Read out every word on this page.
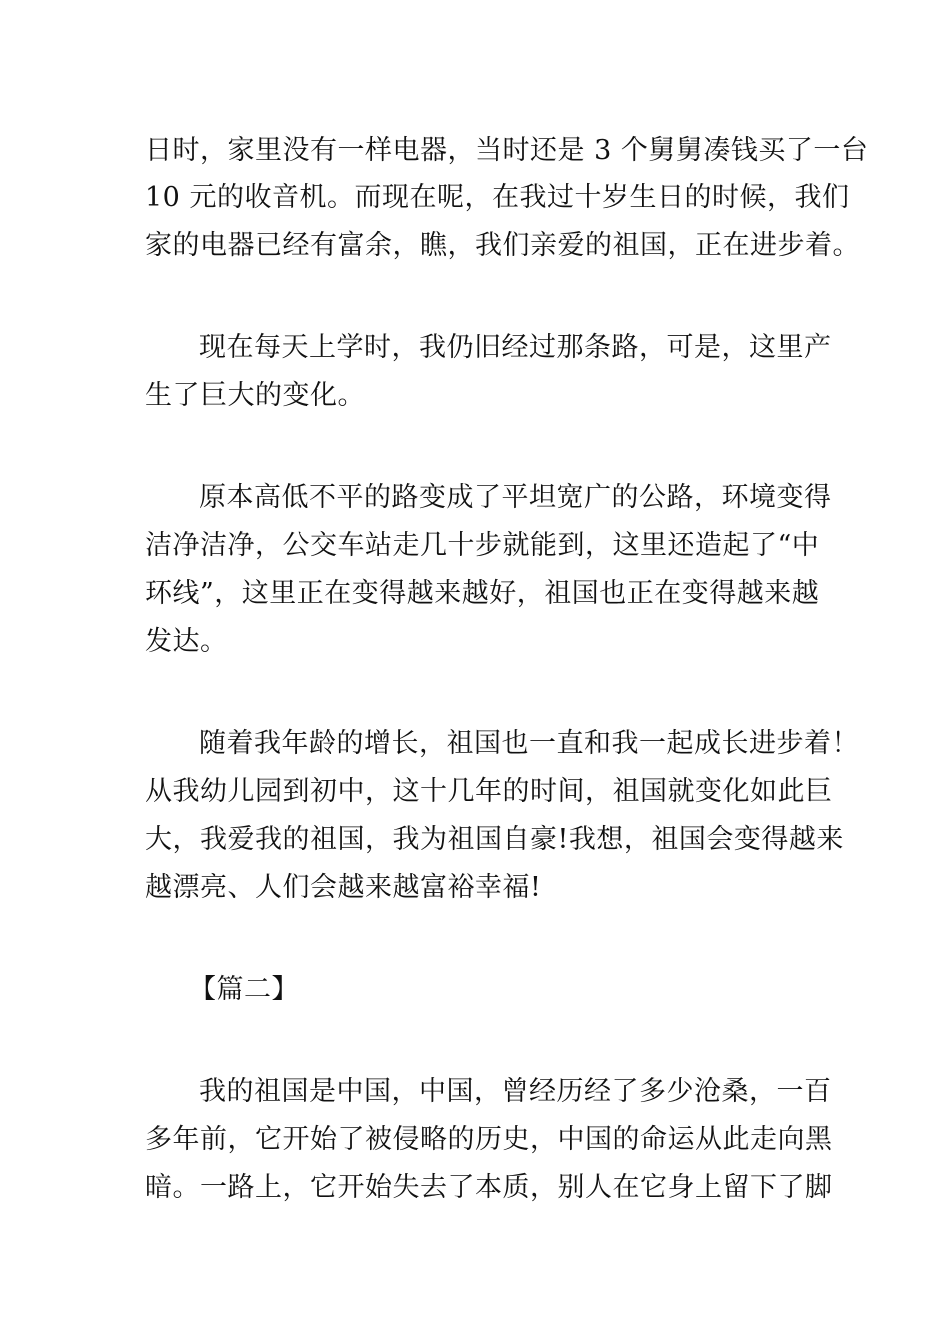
日时，家里没有一样电器，当时还是 3 个舅舅凑钱买了一台
10 元的收音机。而现在呢，在我过十岁生日的时候，我们
家的电器已经有富余，瞧，我们亲爱的祖国，正在进步着。
现在每天上学时，我仍旧经过那条路，可是，这里产
生了巨大的变化。
原本高低不平的路变成了平坦宽广的公路，环境变得
洁净洁净，公交车站走几十步就能到，这里还造起了“中
环线”，这里正在变得越来越好，祖国也正在变得越来越
发达。
随着我年龄的增长，祖国也一直和我一起成长进步着！
从我幼儿园到初中，这十几年的时间，祖国就变化如此巨
大，我爱我的祖国，我为祖国自豪!我想，祖国会变得越来
越漂亮、人们会越来越富裕幸福!
【篇二】
我的祖国是中国，中国，曾经历经了多少沧桑，一百
多年前，它开始了被侵略的历史，中国的命运从此走向黑
暗。一路上，它开始失去了本质，别人在它身上留下了脚
